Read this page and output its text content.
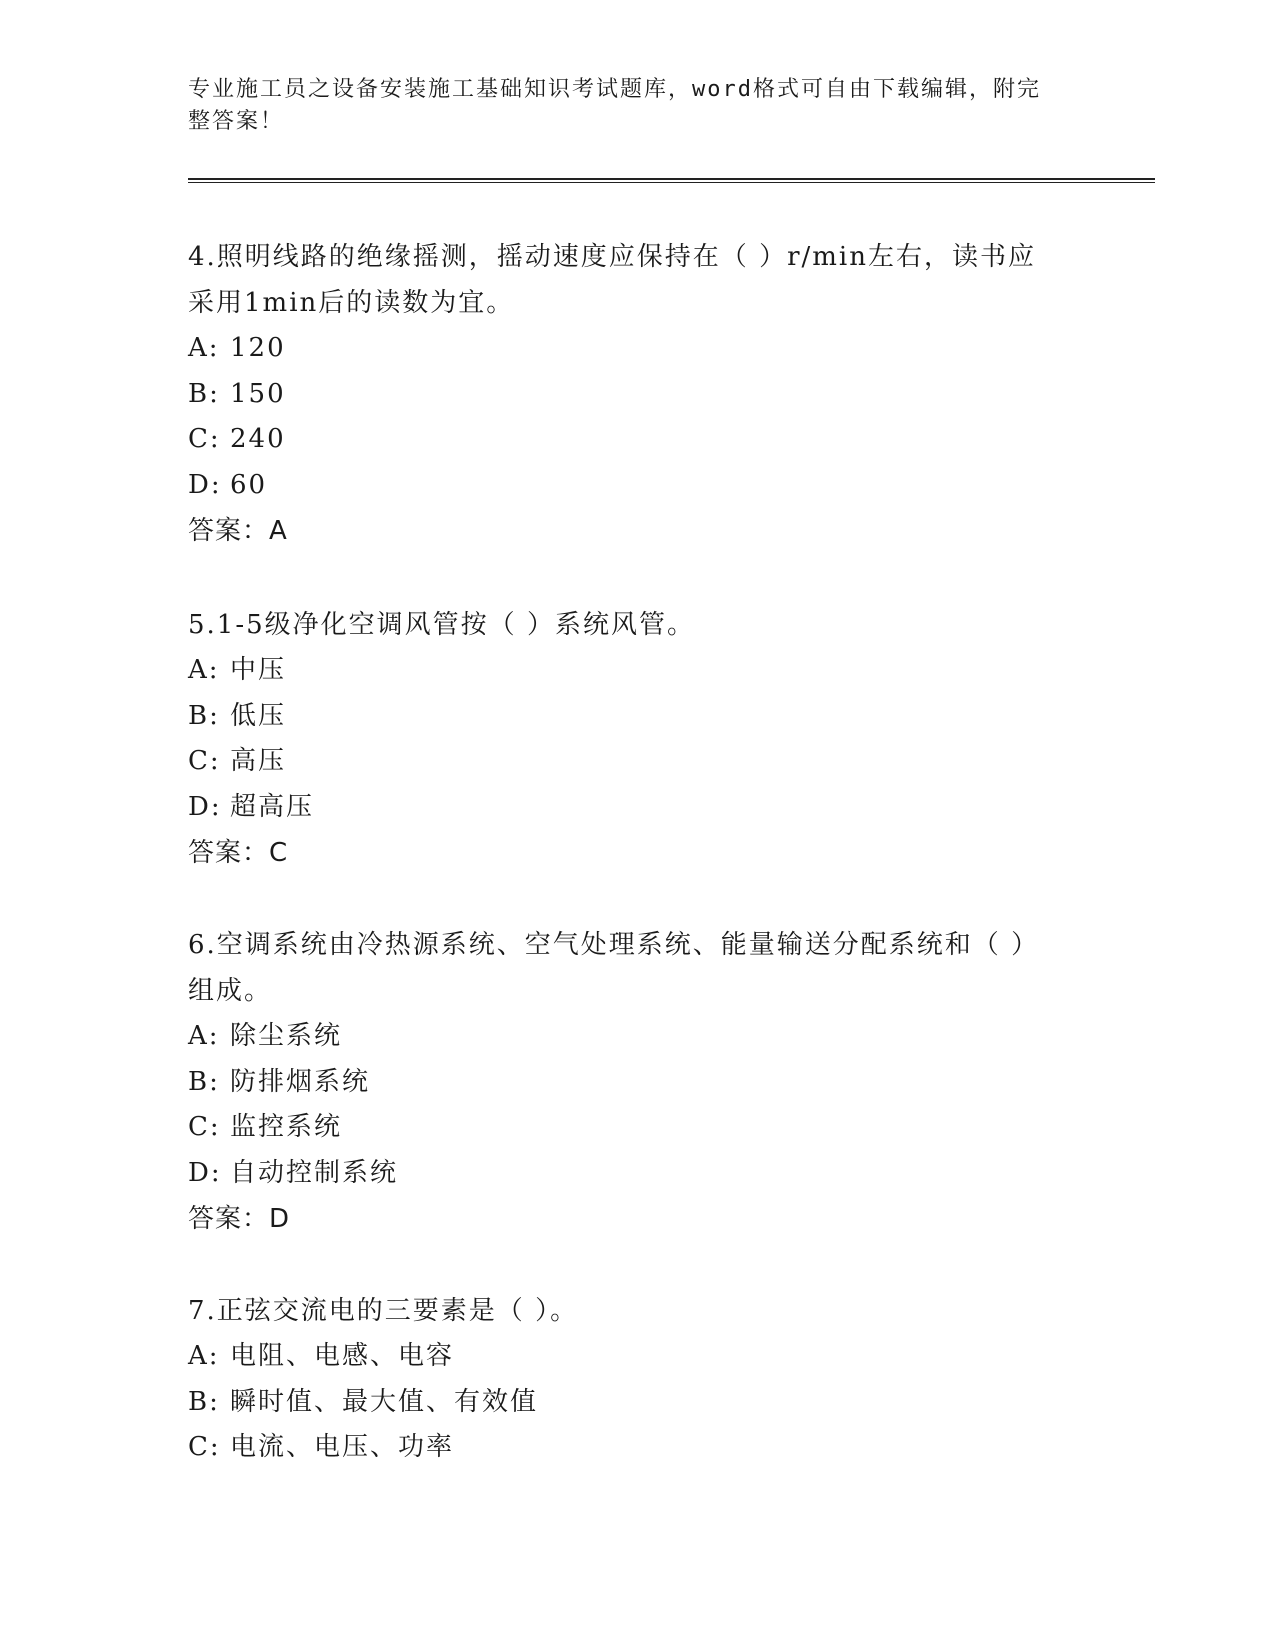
专业施工员之设备安装施工基础知识考试题库，word格式可自由下载编辑，附完
整答案！
4.照明线路的绝缘摇测，摇动速度应保持在（ ）r/min左右，读书应
采用1min后的读数为宜。
A: 120
B: 150
C: 240
D: 60
答案：A
5.1-5级净化空调风管按（ ）系统风管。
A: 中压
B: 低压
C: 高压
D: 超高压
答案：C
6.空调系统由冷热源系统、空气处理系统、能量输送分配系统和（ ）
组成。
A: 除尘系统
B: 防排烟系统
C: 监控系统
D: 自动控制系统
答案：D
7.正弦交流电的三要素是（ ）。
A: 电阻、电感、电容
B: 瞬时值、最大值、有效值
C: 电流、电压、功率
